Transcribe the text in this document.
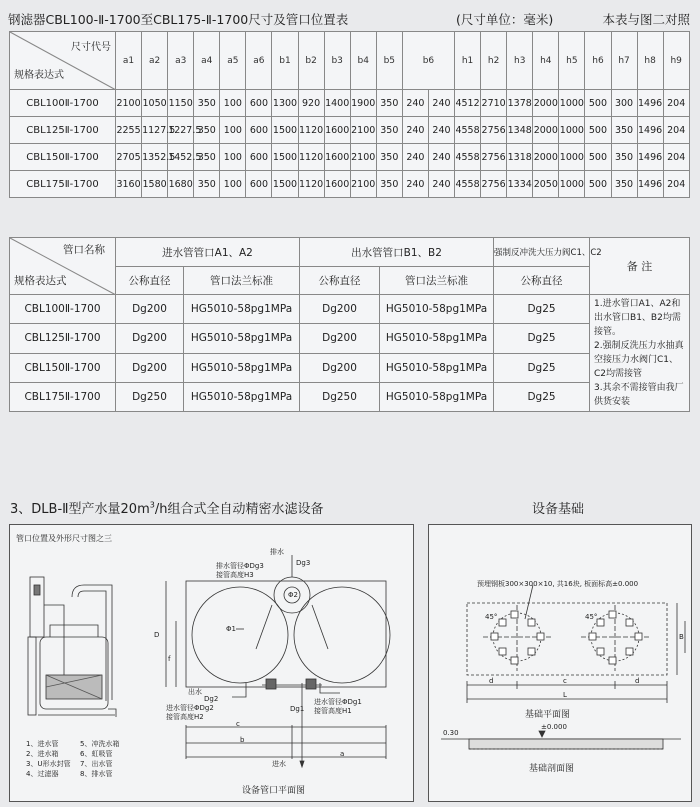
钢滤器CBL100-Ⅱ-1700至CBL175-Ⅱ-1700尺寸及管口位置表	(尺寸单位：毫米)	本表与图二对照
尺寸代号
规格表达式	a1	a2	a3	a4	a5	a6	b1	b2	b3	b4	b5	b6		h1	h2	h3	h4	h5	h6	h7	h8	h9
CBL100Ⅱ-1700	2100	1050	1150	350	100	600	1300	920	1400	1900	350	240	240	4512	2710	1378	2000	1000	500	300	1496	204
CBL125Ⅱ-1700	2255	1127.5	1227.5	350	100	600	1500	1120	1600	2100	350	240	240	4558	2756	1348	2000	1000	500	350	1496	204
CBL150Ⅱ-1700	2705	1352.5	1452.5	350	100	600	1500	1120	1600	2100	350	240	240	4558	2756	1318	2000	1000	500	350	1496	204
CBL175Ⅱ-1700	3160	1580	1680	350	100	600	1500	1120	1600	2100	350	240	240	4558	2756	1334	2050	1000	500	350	1496	204
管口名称
规格表达式	进水管管口A1、A2		出水管管口B1、B2		强制反冲洗大压力阀C1、C2	备 注
	公称直径	管口法兰标准	公称直径	管口法兰标准	公称直径	
CBL100Ⅱ-1700	Dg200	HG5010-58pg1MPa	Dg200	HG5010-58pg1MPa	Dg25	1.进水管口A1、A2和出水管口B1、B2均需接管。
2.强制反洗压力水抽真空接压力水阀门C1、C2均需接管
3.其余不需接管由我厂供货安装

CBL125Ⅱ-1700	Dg200	HG5010-58pg1MPa	Dg200	HG5010-58pg1MPa	Dg25	
CBL150Ⅱ-1700	Dg200	HG5010-58pg1MPa	Dg200	HG5010-58pg1MPa	Dg25	
CBL175Ⅱ-1700	Dg250	HG5010-58pg1MPa	Dg250	HG5010-58pg1MPa	Dg25	
3、DLB-Ⅱ型产水量$20m^3/h$组合式全自动精密水滤设备	设备基础
管口位置及外形尺寸图之三
排水
Dg3
排水管径ΦDg3
接管高度H3
Φ2
Φ1
出水
进水管径ΦDg2
Dg2
接管高度H2
Dg1
进水管径ΦDg1
接管高度H1
进水
D
f
c
b
a
1、进水管
2、进水箱
3、U形水封管
4、过滤器
5、冲洗水箱
6、虹吸管
7、出水管
8、排水管
设备管口平面图
预埋钢板300×300×10, 共16块, 板面标高±0.000
45°	45°
B
d	c	d
L
基础平面图
±0.000
0.30
基础剖面图
